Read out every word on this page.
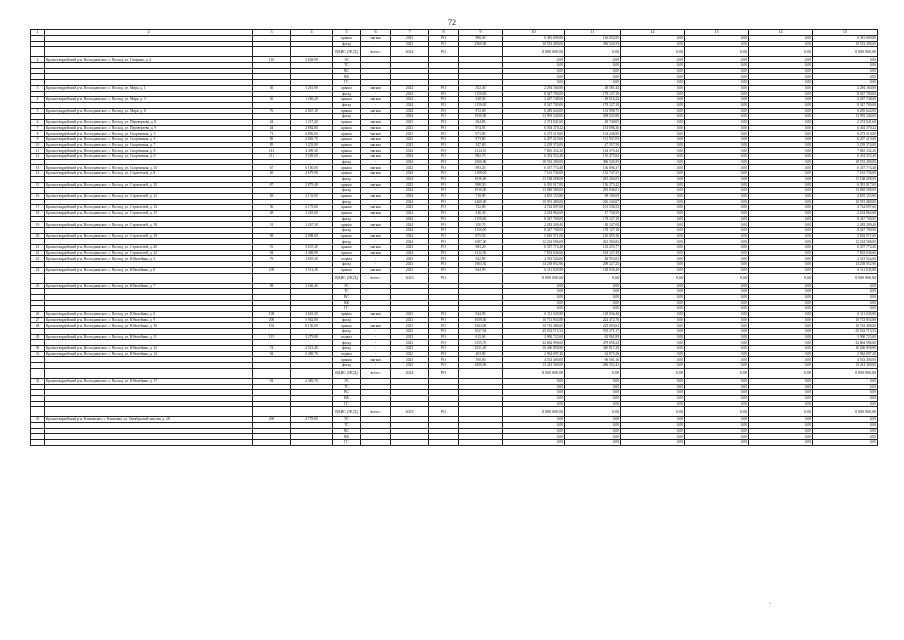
72
1	2	3	4	5	6	7	8	9	10	11	12	13	14	15
				крыша	мягкая	2023	РО	986,50	6 381 609,80	136 052,85	0,00	0,00	0,00	6 381 609,80
				фасад	-	2023	РО	2560,00	18 553 280,00	396 526,59	0,00	0,00	0,00	18 553 280,00
				ВДИС (ПСД)	всего:	2024	РО		8 000 000,00	0,00	0,00	0,00	0,00	8 000 000,00
2	Красногвардейский р-н, Восходненское, с. Восход, ул. Гагарина, д. 4	110	3 628,90	ЭС					0,00	0,00	0,00	0,00	0,00	0,00
				ТС					0,00	0,00	0,00	0,00	0,00	0,00
				ВС					0,00	0,00	0,00	0,00	0,00	0,00
				ВК					0,00	0,00	0,00	0,00	0,00	0,00
				ГС					0,00	0,00	0,00	0,00	0,00	0,00
3	Красногвардейский р-н, Восходненское, с. Восход, ул. Мира, д. 1	36	1 261,90	крыша	мягкая	2024	РО	352,40	2 294 160,80	48 581,44	0,00	0,00	0,00	2 294 160,80
				фасад	-	2024	РО	1150,00	8 347 700,00	178 127,18	0,00	0,00	0,00	8 347 700,00
4	Красногвардейский р-н, Восходненское, с. Восход, ул. Мира, д. 3	36	1 266,20	крыша	мягкая	2024	РО	348,30	2 267 748,60	48 016,22	0,00	0,00	0,00	2 267 748,60
				фасад	-	2024	РО	1150,00	8 347 700,00	178 127,18	0,00	0,00	0,00	8 347 700,00
5	Красногвардейский р-н, Восходненское, с. Восход, ул. Мира, д. 8	76	2 847,10	крыша	мягкая	2024	РО	972,00	6 285 624,00	133 998,75	0,00	0,00	0,00	6 285 624,00
				фасад	-	2024	РО	1930,00	13 993 340,00	298 943,88	0,00	0,00	0,00	13 993 340,00
6	Красногвардейский р-н, Восходненское, с. Восход, ул. Переверзева, д. 8	44	1 217,20	крыша	мягкая	2023	РО	364,80	2 374 041,60	49 740,05	0,00	0,00	0,00	2 374 041,60
7	Красногвардейский р-н, Восходненское, с. Восход, ул. Переверзева, д. 9	44	2 882,80	крыша	мягкая	2023	РО	974,91	6 304 370,22	133 096,36	0,00	0,00	0,00	6 304 370,22
8	Красногвардейский р-н, Восходненское, с. Восход, ул. Спортивная, д. 5	71	2 856,00	крыша	мягкая	2023	РО	973,80	6 273 219,60	134 246,90	0,00	0,00	0,00	6 273 219,60
9	Красногвардейский р-н, Восходненское, с. Восход, ул. Спортивная, д. 6	89	2 865,70	крыша	мягкая	2023	РО	973,80	6 297 219,60	131 937,05	0,00	0,00	0,00	6 297 219,60
10	Красногвардейский р-н, Восходненское, с. Восход, ул. Спортивная, д. 7	85	1 233,80	крыша	мягкая	2023	РО	347,00	2 239 374,00	47 357,58	0,00	0,00	0,00	2 239 374,00
11	Красногвардейский р-н, Восходненское, с. Восход, ул. Спортивная, д. 8	141	4 499,30	крыша	мягкая	2024	РО	1214,10	7 845 232,20	164 370,44	0,00	0,00	0,00	7 845 232,20
12	Красногвардейский р-н, Восходненское, с. Восход, ул. Спортивная, д. 9	111	3 549,00	крыша	мягкая	2024	РО	982,70	6 354 553,40	135 475,84	0,00	0,00	0,00	6 354 553,40
				фасад	-	2024	РО	2560,00	18 553 280,00	396 526,59	0,00	0,00	0,00	18 553 280,00
13	Красногвардейский р-н, Восходненское, с. Восход, ул. Спортивная, д. 10	67	6 150,00	крыша	мягкая	2023	РО	983,20	6 357 774,40	136 096,37	0,00	0,00	0,00	6 357 774,40
14	Красногвардейский р-н, Восходненское, с. Восход, ул. Строителей, д. 8	65	2 679,90	крыша	мягкая	2024	РО	1108,00	7 161 736,00	152 747,55	0,00	0,00	0,00	7 161 736,00
				фасад	-	2024	РО	1816,00	13 168 208,00	281 266,05	0,00	0,00	0,00	13 168 208,00
15	Красногвардейский р-н, Восходненское, с. Восход, ул. Строителей, д. 10	87	2 879,40	крыша	мягкая	2023	РО	988,50	6 391 917,00	136 273,42	0,00	0,00	0,00	6 391 917,00
				фасад	-	2024	РО	1910,00	13 848 580,00	295 846,01	0,00	0,00	0,00	13 848 580,00
16	Красногвардейский р-н, Восходненское, с. Восход, ул. Строителей, д. 12	58	2 133,90	крыша	мягкая	2024	РО	718,90	4 655 153,80	99 106,69	0,00	0,00	0,00	4 655 153,80
				фасад	-	2024	РО	1460,00	10 591 480,00	226 144,07	0,00	0,00	0,00	10 591 480,00
17	Красногвардейский р-н, Восходненское, с. Восход, ул. Строителей, д. 14	56	2 175,60	крыша	мягкая	2023	РО	732,80	4 744 697,60	101 536,53	0,00	0,00	0,00	4 744 697,60
18	Красногвардейский р-н, Восходненское, с. Восход, ул. Строителей, д. 15	48	1 263,60	крыша	мягкая	2024	РО	346,30	2 254 864,60	47 740,50	0,00	0,00	0,00	2 254 864,60
				фасад	-	2024	РО	1150,00	8 347 700,00	178 127,18	0,00	0,00	0,00	8 347 700,00
19	Красногвардейский р-н, Восходненское, с. Восход, ул. Строителей, д. 18	31	1 267,30	крыша	мягкая	2024	РО	350,70	2 283 209,40	48 347,08	0,00	0,00	0,00	2 283 209,40
				фасад	-	2024	РО	1150,00	8 347 700,00	178 127,18	0,00	0,00	0,00	8 347 700,00
20	Красногвардейский р-н, Восходненское, с. Восход, ул. Строителей, д. 19	98	2 908,60	крыша	мягкая	2024	РО	875,50	5 663 971,00	120 695,38	0,00	0,00	0,00	5 663 971,00
				фасад	-	2024	РО	1687,00	12 234 506,00	261 304,83	0,00	0,00	0,00	12 234 506,00
21	Красногвардейский р-н, Восходненское, с. Восход, ул. Строителей, д. 20	91	3 637,20	крыша	мягкая	2023	РО	983,20	6 357 774,40	133 255,77	0,00	0,00	0,00	6 357 774,40
22	Красногвардейский р-н, Восходненское, с. Восход, ул. Строителей, д. 22	94	4 468,90	крыша	мягкая	2024	РО	1212,50	7 833 636,60	164 127,49	0,00	0,00	0,00	7 833 636,60
23	Красногвардейский р-н, Восходненское, с. Восход, ул. Юбилейная, д. 3	79	1 935,30	подвал	-	2023	РО	322,00	2 313 524,60	48 953,03	0,00	0,00	0,00	2 313 524,60
				фасад	-	2023	РО	1963,92	14 238 852,96	298 327,25	0,00	0,00	0,00	14 238 852,96
24	Красногвардейский р-н, Восходненское, с. Восход, ул. Юбилейная, д. 6	109	3 512,30	крыша	мягкая	2023	РО	944,90	6 111 045,80	128 036,40	0,00	0,00	0,00	6 111 045,80
				ВДИС (ПСД)	всего:	2023	РО		8 000 000,00	0,00	0,00	0,00	0,00	8 000 000,00
25	Красногвардейский р-н, Восходненское, с. Восход, ул. Юбилейная, д. 7	98	3 546,40	ЭС					0,00	0,00	0,00	0,00	0,00	0,00
				ТС					0,00	0,00	0,00	0,00	0,00	0,00
				ВС					0,00	0,00	0,00	0,00	0,00	0,00
				ВК					0,00	0,00	0,00	0,00	0,00	0,00
				ГС					0,00	0,00	0,00	0,00	0,00	0,00
26	Красногвардейский р-н, Восходненское, с. Восход, ул. Юбилейная, д. 8	108	3 616,30	крыша	мягкая	2023	РО	944,90	6 111 045,80	128 036,40	0,00	0,00	0,00	6 111 045,80
27	Красногвардейский р-н, Восходненское, с. Восход, ул. Юбилейная, д. 9	200	5 942,00	фасад	-	2023	РО	1659,40	10 713 854,80	224 472,78	0,00	0,00	0,00	10 713 854,80
28	Красногвардейский р-н, Восходненское, с. Восход, ул. Юбилейная, д. 10	192	6 150,00	крыша	мягкая	2023	РО	1664,00	10 743 488,00	225 093,64	0,00	0,00	0,00	10 743 488,00
				фасад	-	2023	РО	3527,04	25 552 715,52	535 371,17	0,00	0,00	0,00	25 552 715,52
29	Красногвардейский р-н, Восходненское, с. Восход, ул. Юбилейная, д. 11	115	3 279,80	подвал	-	2023	РО	615,00	3 900 723,60	82 961,89	0,00	0,00	0,00	3 900 723,60
				фасад	-	2023	РО	3155,70	22 864 996,60	479 058,22	0,00	0,00	0,00	22 864 996,60
30	Красногвардейский р-н, Восходненское, с. Восход, ул. Юбилейная, д. 12	74	2 521,40	фасад	-	2023	РО	2521,40	16 266 858,80	340 817,29	0,00	0,00	0,00	16 266 858,80
31	Красногвардейский р-н, Восходненское, с. Восход, ул. Юбилейная, д. 14	94	2 485,70	подвал	-	2022	РО	463,00	2 962 097,40	62 875,28	0,00	0,00	0,00	2 962 097,40
				крыша	мягкая	2023	РО	700,00	4 533 400,00	96 501,16	0,00	0,00	0,00	4 533 400,00
				фасад	-	2023	РО	1850,00	13 414 300,00	286 552,42	0,00	0,00	0,00	13 414 300,00
				ВДИС (ПСД)	всего:	2024	РО		8 000 000,00	0,00	0,00	0,00	0,00	8 000 000,00
32	Красногвардейский р-н, Восходненское, с. Восход, ул. Юбилейная, д. 17	94	2 485,70	ЭС					0,00	0,00	0,00	0,00	0,00	0,00
				ТС					0,00	0,00	0,00	0,00	0,00	0,00
				ВС					0,00	0,00	0,00	0,00	0,00	0,00
				ВК					0,00	0,00	0,00	0,00	0,00	0,00
				ГС					0,00	0,00	0,00	0,00	0,00	0,00
				ВДИС (ПСД)	всего:	2023	РО		8 000 000,00	0,00	0,00	0,00	0,00	8 000 000,00
33	Красногвардейский р-н, Клиновское, с. Клиновка, ул. Октябрьской миссии, д. 28	200	4 778,00	ЭС					0,00	0,00	0,00	0,00	0,00	0,00
				ТС					0,00	0,00	0,00	0,00	0,00	0,00
				ВС					0,00	0,00	0,00	0,00	0,00	0,00
				ВК					0,00	0,00	0,00	0,00	0,00	0,00
				ГС					0,00	0,00	0,00	0,00	0,00	0,00
˘
